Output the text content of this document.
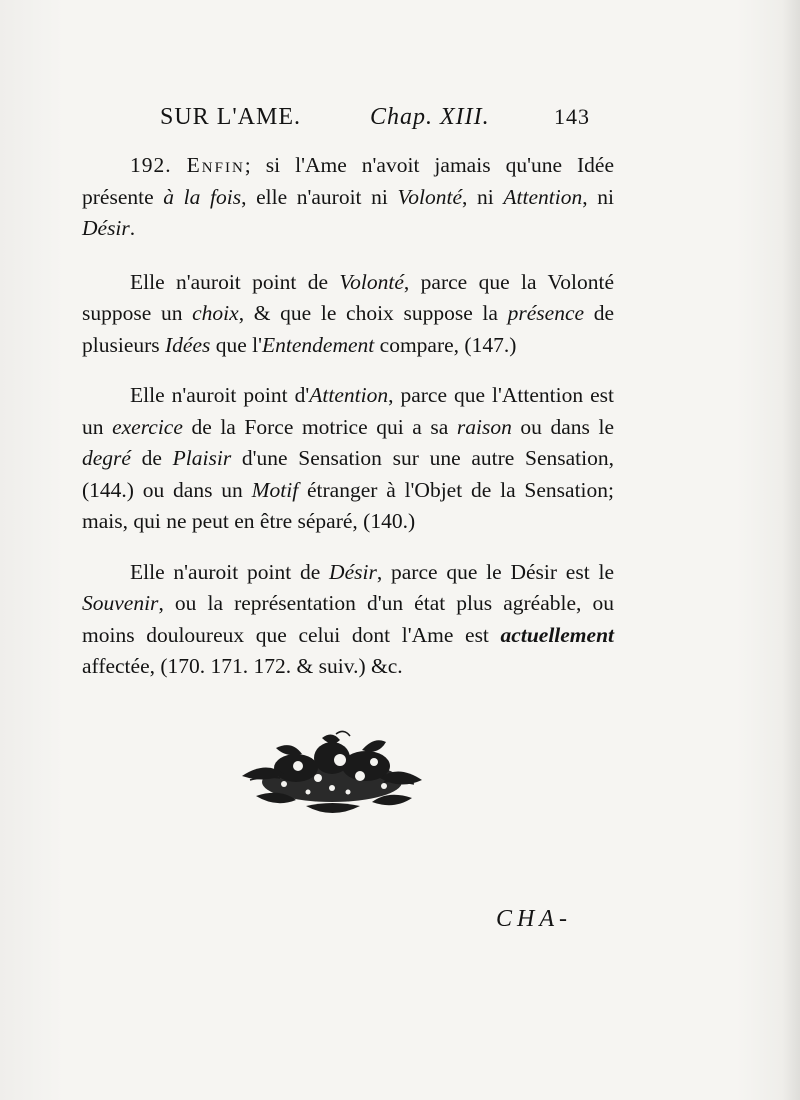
SUR L'AME.	Chap. XIII.	143

192. Enfin; si l'Ame n'avoit jamais qu'une Idée présente à la fois, elle n'auroit ni Volonté, ni Attention, ni Désir.

Elle n'auroit point de Volonté, parce que la Volonté suppose un choix, & que le choix suppose la présence de plusieurs Idées que l'Entendement compare, (147.)

Elle n'auroit point d'Attention, parce que l'Attention est un exercice de la Force motrice qui a sa raison ou dans le degré de Plaisir d'une Sensation sur une autre Sensation, (144.) ou dans un Motif étranger à l'Objet de la Sensation; mais, qui ne peut en être séparé, (140.)

Elle n'auroit point de Désir, parce que le Désir est le Souvenir, ou la représentation d'un état plus agréable, ou moins douloureux que celui dont l'Ame est actuellement affectée, (170. 171. 172. & suiv.) &c.

CHA-
